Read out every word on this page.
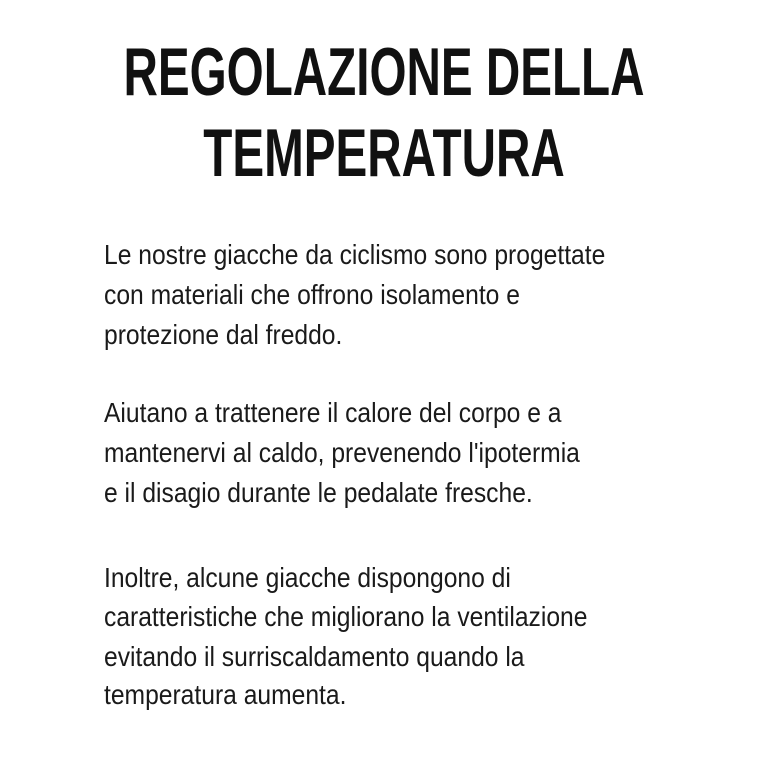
REGOLAZIONE DELLA
TEMPERATURA
Le nostre giacche da ciclismo sono progettate
con materiali che offrono isolamento e
protezione dal freddo.
Aiutano a trattenere il calore del corpo e a
mantenervi al caldo, prevenendo l'ipotermia
e il disagio durante le pedalate fresche.
Inoltre, alcune giacche dispongono di
caratteristiche che migliorano la ventilazione
evitando il surriscaldamento quando la
temperatura aumenta.
